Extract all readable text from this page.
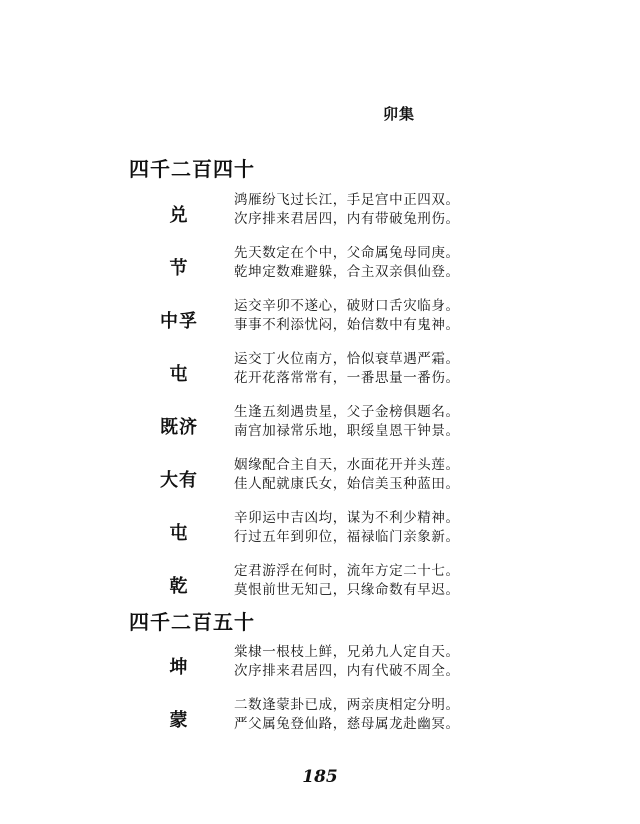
卯集
四千二百四十
兑
鸿雁纷飞过长江，手足宫中正四双。
次序排来君居四，内有带破兔刑伤。
节
先天数定在个中，父命属兔母同庚。
乾坤定数难避躲，合主双亲俱仙登。
中孚
运交辛卯不遂心，破财口舌灾临身。
事事不利添忧闷，始信数中有鬼神。
屯
运交丁火位南方，恰似衰草遇严霜。
花开花落常常有，一番思量一番伤。
既济
生逢五刻遇贵星，父子金榜俱题名。
南宫加禄常乐地，职绥皇恩干钟景。
大有
姻缘配合主自天，水面花开并头莲。
佳人配就康氏女，始信美玉种蓝田。
屯
辛卯运中吉凶均，谋为不利少精神。
行过五年到卯位，福禄临门亲象新。
乾
定君游浮在何时，流年方定二十七。
莫恨前世无知己，只缘命数有早迟。
四千二百五十
坤
棠棣一根枝上鲜，兄弟九人定自天。
次序排来君居四，内有代破不周全。
蒙
二数逢蒙卦已成，两亲庚相定分明。
严父属兔登仙路，慈母属龙赴幽冥。
185
